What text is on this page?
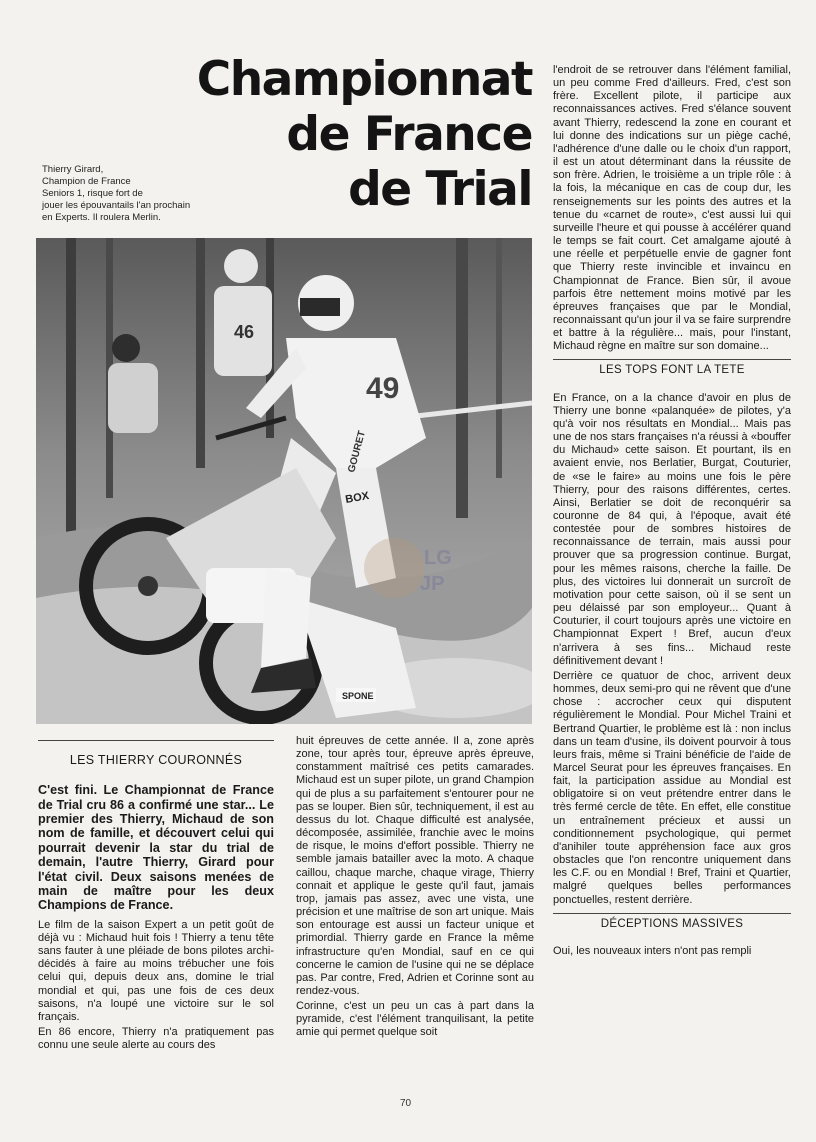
Championnat
de France
de Trial
Thierry Girard,
Champion de France
Seniors 1, risque fort de
jouer les épouvantails l'an prochain
en Experts. Il roulera Merlin.
46
49
BOX
GOURET
SPONE
LG
JP
LES THIERRY COURONNÉS

C'est fini. Le Championnat de France de Trial cru 86 a confirmé une star... Le premier des Thierry, Michaud de son nom de famille, et découvert celui qui pourrait devenir la star du trial de demain, l'autre Thierry, Girard pour l'état civil. Deux saisons menées de main de maître pour les deux Champions de France.

Le film de la saison Expert a un petit goût de déjà vu : Michaud huit fois ! Thierry a tenu tête sans fauter à une pléiade de bons pilotes archi-décidés à faire au moins trébucher une fois celui qui, depuis deux ans, domine le trial mondial et qui, pas une fois de ces deux saisons, n'a loupé une victoire sur le sol français.

En 86 encore, Thierry n'a pratiquement pas connu une seule alerte au cours des

huit épreuves de cette année. Il a, zone après zone, tour après tour, épreuve après épreuve, constamment maîtrisé ces petits camarades. Michaud est un super pilote, un grand Champion qui de plus a su parfaitement s'entourer pour ne pas se louper. Bien sûr, techniquement, il est au dessus du lot. Chaque difficulté est analysée, décomposée, assimilée, franchie avec le moins de risque, le moins d'effort possible. Thierry ne semble jamais batailler avec la moto. A chaque caillou, chaque marche, chaque virage, Thierry connait et applique le geste qu'il faut, jamais trop, jamais pas assez, avec une vista, une précision et une maîtrise de son art unique. Mais son entourage est aussi un facteur unique et primordial. Thierry garde en France la même infrastructure qu'en Mondial, sauf en ce qui concerne le camion de l'usine qui ne se déplace pas. Par contre, Fred, Adrien et Corinne sont au rendez-vous.

Corinne, c'est un peu un cas à part dans la pyramide, c'est l'élément tranquilisant, la petite amie qui permet quelque soit

l'endroit de se retrouver dans l'élément familial, un peu comme Fred d'ailleurs. Fred, c'est son frère. Excellent pilote, il participe aux reconnaissances actives. Fred s'élance souvent avant Thierry, redescend la zone en courant et lui donne des indications sur un piège caché, l'adhérence d'une dalle ou le choix d'un rapport, il est un atout déterminant dans la réussite de son frère. Adrien, le troisième a un triple rôle : à la fois, la mécanique en cas de coup dur, les renseignements sur les points des autres et la tenue du «carnet de route», c'est aussi lui qui surveille l'heure et qui pousse à accélérer quand le temps se fait court. Cet amalgame ajouté à une réelle et perpétuelle envie de gagner font que Thierry reste invincible et invaincu en Championnat de France. Bien sûr, il avoue parfois être nettement moins motivé par les épreuves françaises que par le Mondial, reconnaissant qu'un jour il va se faire surprendre et battre à la régulière... mais, pour l'instant, Michaud règne en maître sur son domaine...

LES TOPS FONT LA TETE

En France, on a la chance d'avoir en plus de Thierry une bonne «palanquée» de pilotes, y'a qu'à voir nos résultats en Mondial... Mais pas une de nos stars françaises n'a réussi à «bouffer du Michaud» cette saison. Et pourtant, ils en avaient envie, nos Berlatier, Burgat, Couturier, de «se le faire» au moins une fois le père Thierry, pour des raisons différentes, certes. Ainsi, Berlatier se doit de reconquérir sa couronne de 84 qui, à l'époque, avait été contestée pour de sombres histoires de reconnaissance de terrain, mais aussi pour prouver que sa progression continue. Burgat, pour les mêmes raisons, cherche la faille. De plus, des victoires lui donnerait un surcroît de motivation pour cette saison, où il se sent un peu délaissé par son employeur... Quant à Couturier, il court toujours après une victoire en Championnat Expert ! Bref, aucun d'eux n'arrivera à ses fins... Michaud reste définitivement devant !

Derrière ce quatuor de choc, arrivent deux hommes, deux semi-pro qui ne rêvent que d'une chose : accrocher ceux qui disputent régulièrement le Mondial. Pour Michel Traini et Bertrand Quartier, le problème est là : non inclus dans un team d'usine, ils doivent pourvoir à tous leurs frais, même si Traini bénéficie de l'aide de Marcel Seurat pour les épreuves françaises. En fait, la participation assidue au Mondial est obligatoire si on veut prétendre entrer dans le très fermé cercle de tête. En effet, elle constitue un entraînement précieux et aussi un conditionnement psychologique, qui permet d'anihiler toute appréhension face aux gros obstacles que l'on rencontre uniquement dans les C.F. ou en Mondial ! Bref, Traini et Quartier, malgré quelques belles performances ponctuelles, restent derrière.

DÉCEPTIONS MASSIVES

Oui, les nouveaux inters n'ont pas rempli

70
